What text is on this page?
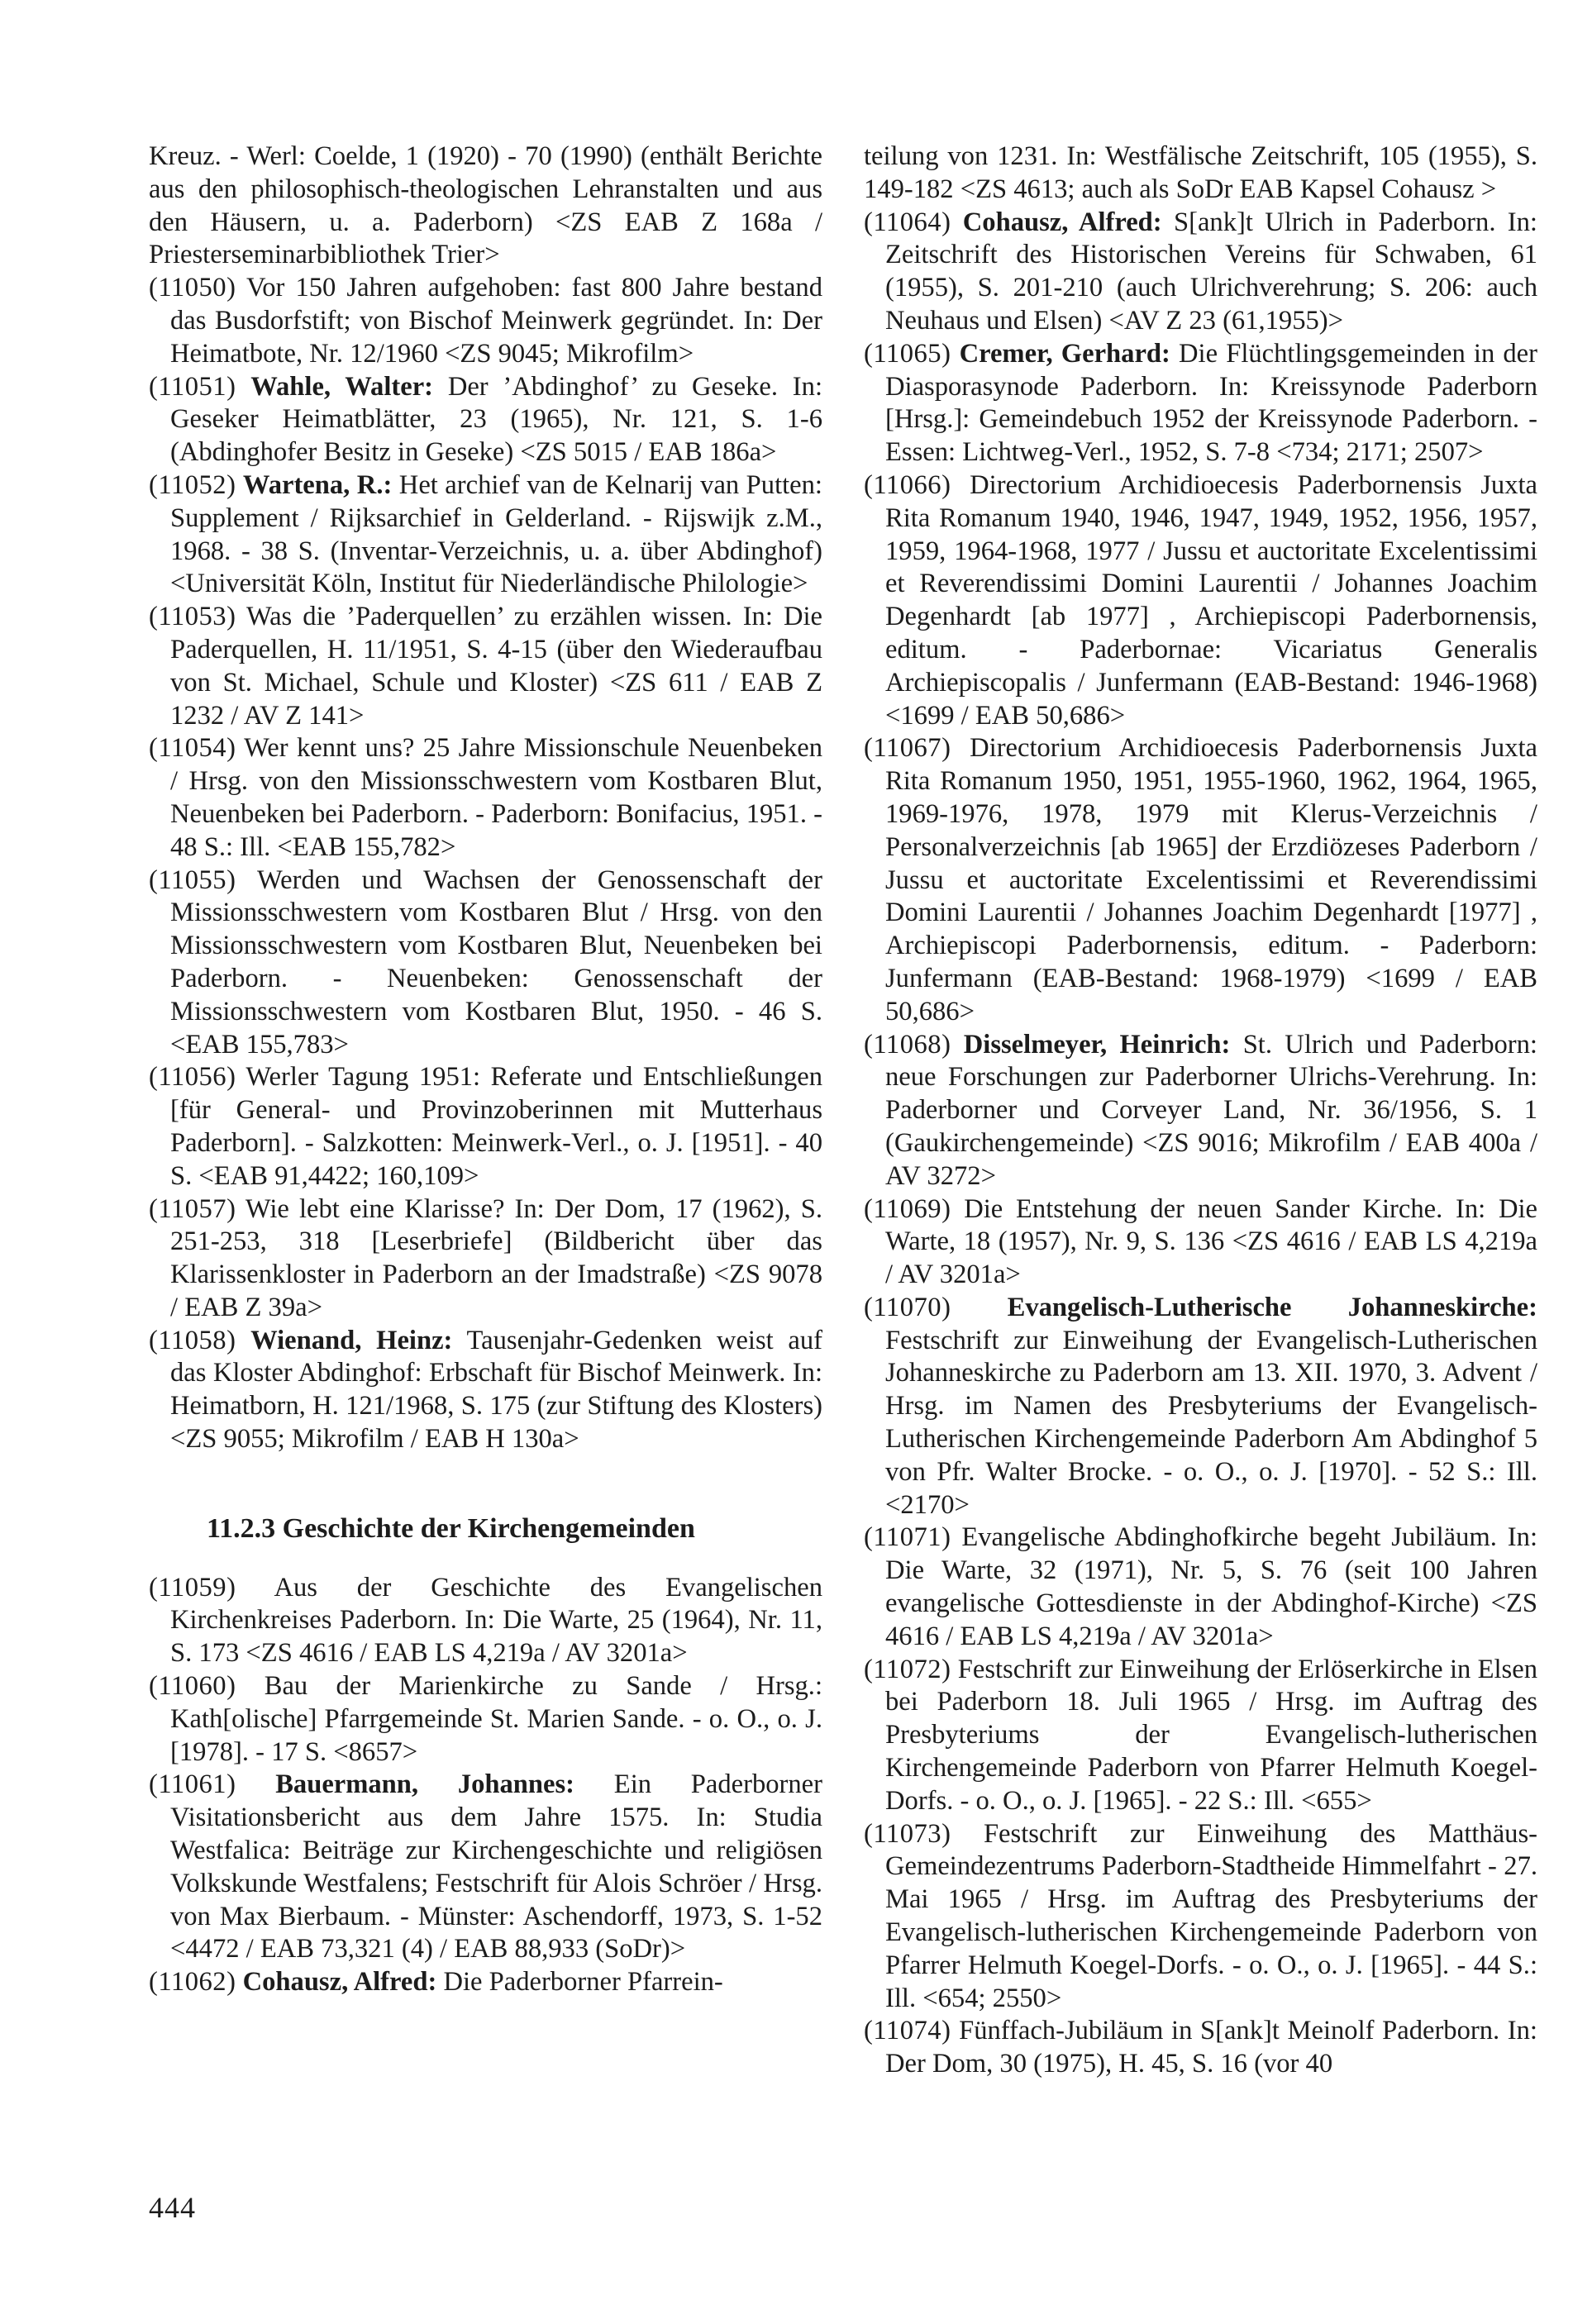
Kreuz. - Werl: Coelde, 1 (1920) - 70 (1990) (enthält Berichte aus den philosophisch-theologischen Lehranstalten und aus den Häusern, u. a. Paderborn) <ZS EAB Z 168a / Priesterseminarbibliothek Trier>

(11050) Vor 150 Jahren aufgehoben: fast 800 Jahre bestand das Busdorfstift; von Bischof Meinwerk gegründet. In: Der Heimatbote, Nr. 12/1960 <ZS 9045; Mikrofilm>

(11051) Wahle, Walter: Der ’Abdinghof’ zu Geseke. In: Geseker Heimatblätter, 23 (1965), Nr. 121, S. 1-6 (Abdinghofer Besitz in Geseke) <ZS 5015 / EAB 186a>

(11052) Wartena, R.: Het archief van de Kelnarij van Putten: Supplement / Rijksarchief in Gelderland. - Rijswijk z.M., 1968. - 38 S. (Inventar-Verzeichnis, u. a. über Abdinghof) <Universität Köln, Institut für Niederländische Philologie>

(11053) Was die ’Paderquellen’ zu erzählen wissen. In: Die Paderquellen, H. 11/1951, S. 4-15 (über den Wiederaufbau von St. Michael, Schule und Kloster) <ZS 611 / EAB Z 1232 / AV Z 141>

(11054) Wer kennt uns? 25 Jahre Missionschule Neuenbeken / Hrsg. von den Missionsschwestern vom Kostbaren Blut, Neuenbeken bei Paderborn. - Paderborn: Bonifacius, 1951. - 48 S.: Ill. <EAB 155,782>

(11055) Werden und Wachsen der Genossenschaft der Missionsschwestern vom Kostbaren Blut / Hrsg. von den Missionsschwestern vom Kostbaren Blut, Neuenbeken bei Paderborn. - Neuenbeken: Genossenschaft der Missionsschwestern vom Kostbaren Blut, 1950. - 46 S. <EAB 155,783>

(11056) Werler Tagung 1951: Referate und Entschließungen [für General- und Provinzoberinnen mit Mutterhaus Paderborn]. - Salzkotten: Meinwerk-Verl., o. J. [1951]. - 40 S. <EAB 91,4422; 160,109>

(11057) Wie lebt eine Klarisse? In: Der Dom, 17 (1962), S. 251-253, 318 [Leserbriefe] (Bildbericht über das Klarissenkloster in Paderborn an der Imadstraße) <ZS 9078 / EAB Z 39a>

(11058) Wienand, Heinz: Tausenjahr-Gedenken weist auf das Kloster Abdinghof: Erbschaft für Bischof Meinwerk. In: Heimatborn, H. 121/1968, S. 175 (zur Stiftung des Klosters) <ZS 9055; Mikrofilm / EAB H 130a>

11.2.3 Geschichte der Kirchengemeinden

(11059) Aus der Geschichte des Evangelischen Kirchenkreises Paderborn. In: Die Warte, 25 (1964), Nr. 11, S. 173 <ZS 4616 / EAB LS 4,219a / AV 3201a>

(11060) Bau der Marienkirche zu Sande / Hrsg.: Kath[olische] Pfarrgemeinde St. Marien Sande. - o. O., o. J. [1978]. - 17 S. <8657>

(11061) Bauermann, Johannes: Ein Paderborner Visitationsbericht aus dem Jahre 1575. In: Studia Westfalica: Beiträge zur Kirchengeschichte und religiösen Volkskunde Westfalens; Festschrift für Alois Schröer / Hrsg. von Max Bierbaum. - Münster: Aschendorff, 1973, S. 1-52 <4472 / EAB 73,321 (4) / EAB 88,933 (SoDr)>

(11062) Cohausz, Alfred: Die Paderborner Pfarrein-

teilung von 1231. In: Westfälische Zeitschrift, 105 (1955), S. 149-182 <ZS 4613; auch als SoDr EAB Kapsel Cohausz >

(11064) Cohausz, Alfred: S[ank]t Ulrich in Paderborn. In: Zeitschrift des Historischen Vereins für Schwaben, 61 (1955), S. 201-210 (auch Ulrichverehrung; S. 206: auch Neuhaus und Elsen) <AV Z 23 (61,1955)>

(11065) Cremer, Gerhard: Die Flüchtlingsgemeinden in der Diasporasynode Paderborn. In: Kreissynode Paderborn [Hrsg.]: Gemeindebuch 1952 der Kreissynode Paderborn. - Essen: Lichtweg-Verl., 1952, S. 7-8 <734; 2171; 2507>

(11066) Directorium Archidioecesis Paderbornensis Juxta Rita Romanum 1940, 1946, 1947, 1949, 1952, 1956, 1957, 1959, 1964-1968, 1977 / Jussu et auctoritate Excelentissimi et Reverendissimi Domini Laurentii / Johannes Joachim Degenhardt [ab 1977] , Archiepiscopi Paderbornensis, editum. - Paderbornae: Vicariatus Generalis Archiepiscopalis / Junfermann (EAB-Bestand: 1946-1968) <1699 / EAB 50,686>

(11067) Directorium Archidioecesis Paderbornensis Juxta Rita Romanum 1950, 1951, 1955-1960, 1962, 1964, 1965, 1969-1976, 1978, 1979 mit Klerus-Verzeichnis / Personalverzeichnis [ab 1965] der Erzdiözeses Paderborn / Jussu et auctoritate Excelentissimi et Reverendissimi Domini Laurentii / Johannes Joachim Degenhardt [1977] , Archiepiscopi Paderbornensis, editum. - Paderborn: Junfermann (EAB-Bestand: 1968-1979) <1699 / EAB 50,686>

(11068) Disselmeyer, Heinrich: St. Ulrich und Paderborn: neue Forschungen zur Paderborner Ulrichs-Verehrung. In: Paderborner und Corveyer Land, Nr. 36/1956, S. 1 (Gaukirchengemeinde) <ZS 9016; Mikrofilm / EAB 400a / AV 3272>

(11069) Die Entstehung der neuen Sander Kirche. In: Die Warte, 18 (1957), Nr. 9, S. 136 <ZS 4616 / EAB LS 4,219a / AV 3201a>

(11070) Evangelisch-Lutherische Johanneskirche: Festschrift zur Einweihung der Evangelisch-Lutherischen Johanneskirche zu Paderborn am 13. XII. 1970, 3. Advent / Hrsg. im Namen des Presbyteriums der Evangelisch-Lutherischen Kirchengemeinde Paderborn Am Abdinghof 5 von Pfr. Walter Brocke. - o. O., o. J. [1970]. - 52 S.: Ill. <2170>

(11071) Evangelische Abdinghofkirche begeht Jubiläum. In: Die Warte, 32 (1971), Nr. 5, S. 76 (seit 100 Jahren evangelische Gottesdienste in der Abdinghof-Kirche) <ZS 4616 / EAB LS 4,219a / AV 3201a>

(11072) Festschrift zur Einweihung der Erlöserkirche in Elsen bei Paderborn 18. Juli 1965 / Hrsg. im Auftrag des Presbyteriums der Evangelisch-lutherischen Kirchengemeinde Paderborn von Pfarrer Helmuth Koegel-Dorfs. - o. O., o. J. [1965]. - 22 S.: Ill. <655>

(11073) Festschrift zur Einweihung des Matthäus-Gemeindezentrums Paderborn-Stadtheide Himmelfahrt - 27. Mai 1965 / Hrsg. im Auftrag des Presbyteriums der Evangelisch-lutherischen Kirchengemeinde Paderborn von Pfarrer Helmuth Koegel-Dorfs. - o. O., o. J. [1965]. - 44 S.: Ill. <654; 2550>

(11074) Fünffach-Jubiläum in S[ank]t Meinolf Paderborn. In: Der Dom, 30 (1975), H. 45, S. 16 (vor 40

444
